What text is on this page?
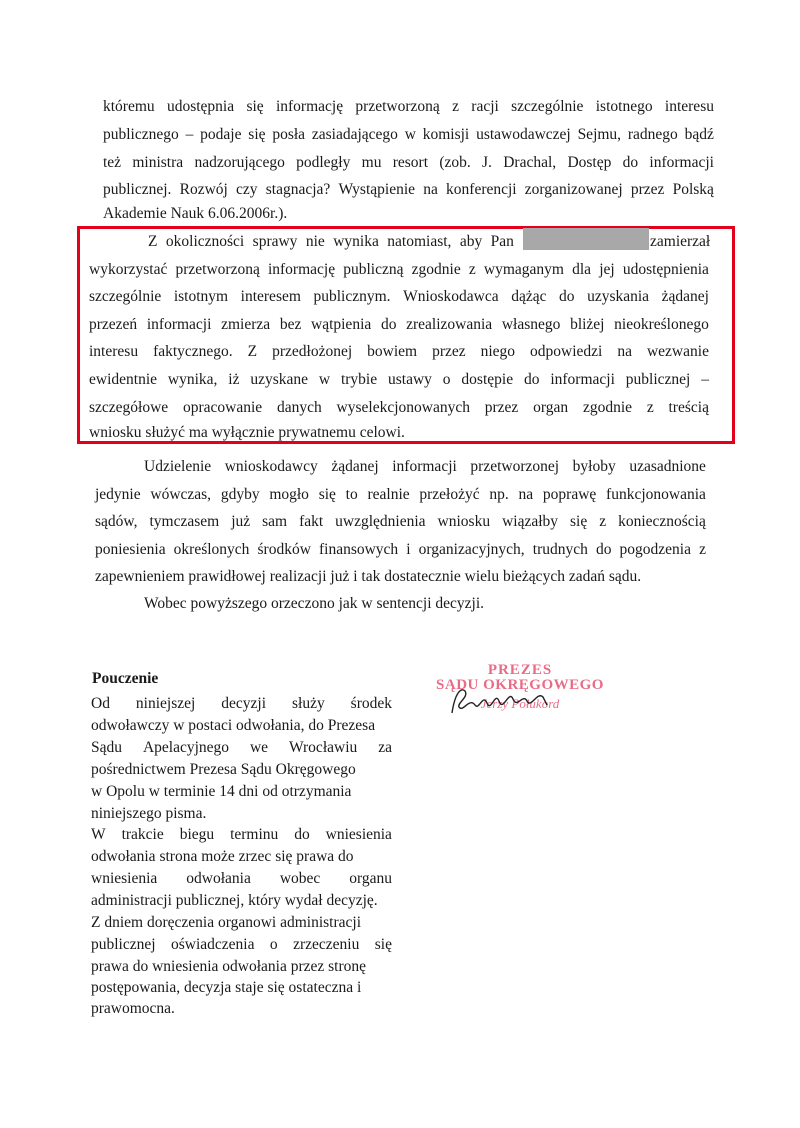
któremu udostępnia się informację przetworzoną z racji szczególnie istotnego interesu
publicznego – podaje się posła zasiadającego w komisji ustawodawczej Sejmu, radnego bądź
też ministra nadzorującego podległy mu resort (zob. J. Drachal, Dostęp do informacji
publicznej. Rozwój czy stagnacja? Wystąpienie na konferencji zorganizowanej przez Polską
Akademie Nauk 6.06.2006r.).
Z okoliczności sprawy nie wynika natomiast, aby Pan	zamierzał
wykorzystać przetworzoną informację publiczną zgodnie z wymaganym dla jej udostępnienia
szczególnie istotnym interesem publicznym. Wnioskodawca dążąc do uzyskania żądanej
przezeń informacji zmierza bez wątpienia do zrealizowania własnego bliżej nieokreślonego
interesu faktycznego. Z przedłożonej bowiem przez niego odpowiedzi na wezwanie
ewidentnie wynika, iż uzyskane w trybie ustawy o dostępie do informacji publicznej –
szczegółowe opracowanie danych wyselekcjonowanych przez organ zgodnie z treścią
wniosku służyć ma wyłącznie prywatnemu celowi.
Udzielenie wnioskodawcy żądanej informacji przetworzonej byłoby uzasadnione
jedynie wówczas, gdyby mogło się to realnie przełożyć np. na poprawę funkcjonowania
sądów, tymczasem już sam fakt uwzględnienia wniosku wiązałby się z koniecznością
poniesienia określonych środków finansowych i organizacyjnych, trudnych do pogodzenia z
zapewnieniem prawidłowej realizacji już i tak dostatecznie wielu bieżących zadań sądu.
Wobec powyższego orzeczono jak w sentencji decyzji.
Pouczenie
Od niniejszej decyzji służy środek
odwoławczy w postaci odwołania, do Prezesa
Sądu Apelacyjnego we Wrocławiu za
pośrednictwem Prezesa Sądu Okręgowego
w Opolu w terminie 14 dni od otrzymania
niniejszego pisma.
W trakcie biegu terminu do wniesienia
odwołania strona może zrzec się prawa do
wniesienia odwołania wobec organu
administracji publicznej, który wydał decyzję.
Z dniem doręczenia organowi administracji
publicznej oświadczenia o zrzeczeniu się
prawa do wniesienia odwołania przez stronę
postępowania, decyzja staje się ostateczna i
prawomocna.
PREZES
SĄDU OKRĘGOWEGO
Jerzy Połukord
